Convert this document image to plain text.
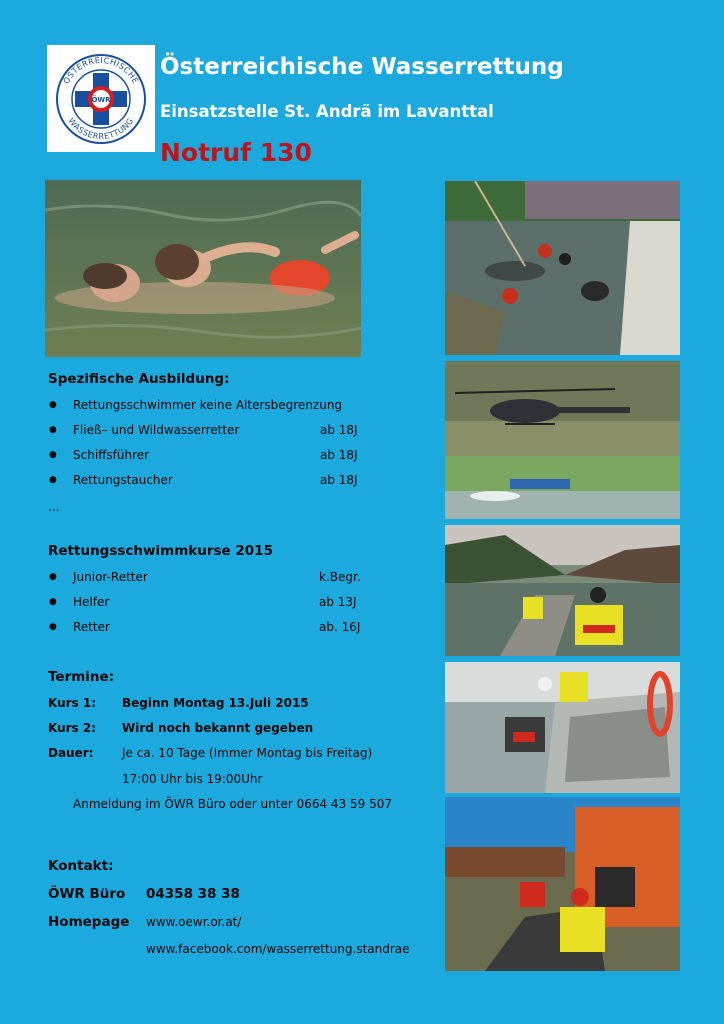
ÖSTERREICHISCHE
WASSERRETTUNG
ÖWR
Österreichische Wasserrettung
Einsatzstelle St. Andrä im Lavanttal
Notruf 130
Spezifische Ausbildung:
● Rettungsschwimmer keine Altersbegrenzung
● Fließ– und Wildwasserretter	ab 18J
● Schiffsführer	ab 18J
● Rettungstaucher	ab 18J
...
Rettungsschwimmkurse 2015
● Junior-Retter	k.Begr.
● Helfer	ab 13J
● Retter	ab. 16J
Termine:
Kurs 1: Beginn Montag 13.Juli 2015
Kurs 2: Wird noch bekannt gegeben
Dauer: Je ca. 10 Tage (Immer Montag bis Freitag)
17:00 Uhr bis 19:00Uhr
Anmeldung im ÖWR Büro oder unter 0664 43 59 507
Kontakt:
ÖWR Büro 04358 38 38
Homepage www.oewr.or.at/
www.facebook.com/wasserrettung.standrae
